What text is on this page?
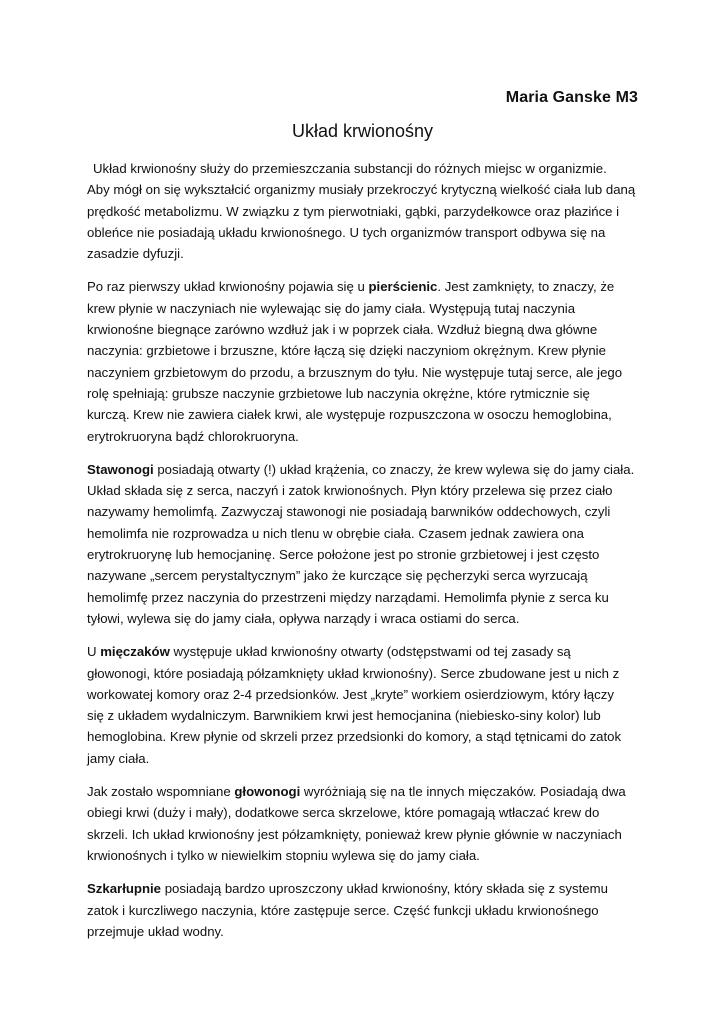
Maria Ganske M3
Układ krwionośny

Układ krwionośny służy do przemieszczania substancji do różnych miejsc w organizmie.
Aby mógł on się wykształcić organizmy musiały przekroczyć krytyczną wielkość ciała lub daną
prędkość metabolizmu. W związku z tym pierwotniaki, gąbki, parzydełkowce oraz płazińce i
obleńce nie posiadają układu krwionośnego. U tych organizmów transport odbywa się na
zasadzie dyfuzji.

Po raz pierwszy układ krwionośny pojawia się u pierścienic. Jest zamknięty, to znaczy, że
krew płynie w naczyniach nie wylewając się do jamy ciała. Występują tutaj naczynia
krwionośne biegnące zarówno wzdłuż jak i w poprzek ciała. Wzdłuż biegną dwa główne
naczynia: grzbietowe i brzuszne, które łączą się dzięki naczyniom okrężnym. Krew płynie
naczyniem grzbietowym do przodu, a brzusznym do tyłu. Nie występuje tutaj serce, ale jego
rolę spełniają: grubsze naczynie grzbietowe lub naczynia okrężne, które rytmicznie się
kurczą. Krew nie zawiera ciałek krwi, ale występuje rozpuszczona w osoczu hemoglobina,
erytrokruoryna bądź chlorokruoryna.

Stawonogi posiadają otwarty (!) układ krążenia, co znaczy, że krew wylewa się do jamy ciała.
Układ składa się z serca, naczyń i zatok krwionośnych. Płyn który przelewa się przez ciało
nazywamy hemolimfą. Zazwyczaj stawonogi nie posiadają barwników oddechowych, czyli
hemolimfa nie rozprowadza u nich tlenu w obrębie ciała. Czasem jednak zawiera ona
erytrokruorynę lub hemocjaninę. Serce położone jest po stronie grzbietowej i jest często
nazywane „sercem perystaltycznym” jako że kurczące się pęcherzyki serca wyrzucają
hemolimfę przez naczynia do przestrzeni między narządami. Hemolimfa płynie z serca ku
tyłowi, wylewa się do jamy ciała, opływa narządy i wraca ostiami do serca.

U mięczaków występuje układ krwionośny otwarty (odstępstwami od tej zasady są
głowonogi, które posiadają półzamknięty układ krwionośny). Serce zbudowane jest u nich z
workowatej komory oraz 2-4 przedsionków. Jest „kryte” workiem osierdziowym, który łączy
się z układem wydalniczym. Barwnikiem krwi jest hemocjanina (niebiesko-siny kolor) lub
hemoglobina. Krew płynie od skrzeli przez przedsionki do komory, a stąd tętnicami do zatok
jamy ciała.

Jak zostało wspomniane głowonogi wyróżniają się na tle innych mięczaków. Posiadają dwa
obiegi krwi (duży i mały), dodatkowe serca skrzelowe, które pomagają wtłaczać krew do
skrzeli. Ich układ krwionośny jest półzamknięty, ponieważ krew płynie głównie w naczyniach
krwionośnych i tylko w niewielkim stopniu wylewa się do jamy ciała.

Szkarłupnie posiadają bardzo uproszczony układ krwionośny, który składa się z systemu
zatok i kurczliwego naczynia, które zastępuje serce. Część funkcji układu krwionośnego
przejmuje układ wodny.
